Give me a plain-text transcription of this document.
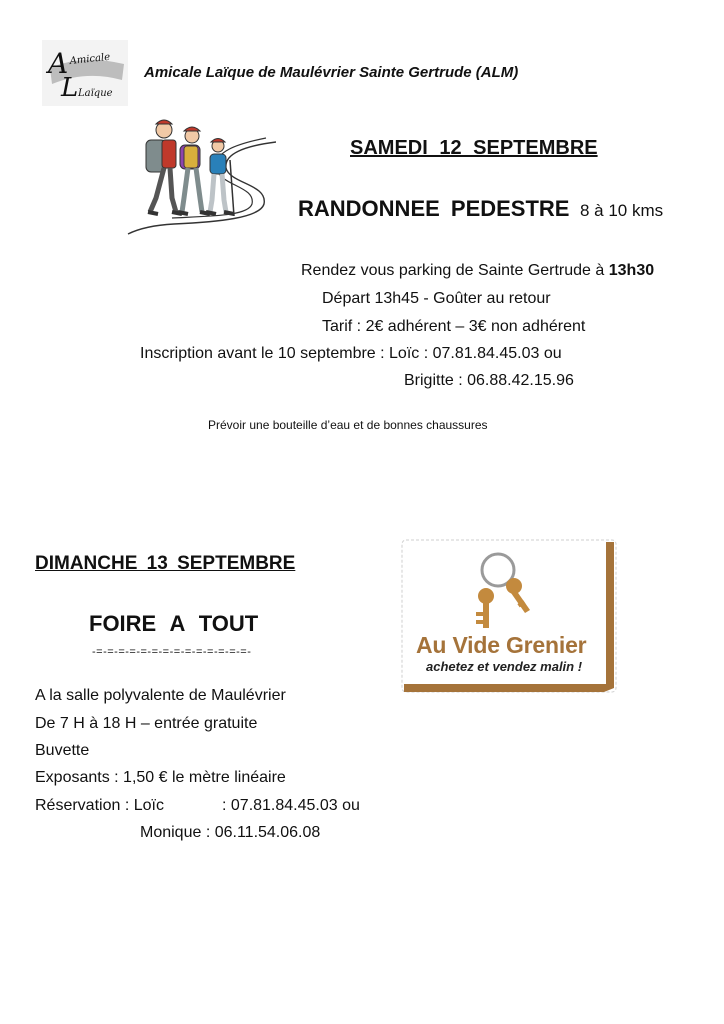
A
L
Amicale
Laïque
Amicale Laïque de Maulévrier Sainte Gertrude (ALM)
SAMEDI 12 SEPTEMBRE
RANDONNEE PEDESTRE 8 à 10 kms
Rendez vous parking de Sainte Gertrude à 13h30
Départ 13h45 - Goûter au retour
Tarif : 2€ adhérent – 3€ non adhérent
Inscription avant le 10 septembre : Loïc : 07.81.84.45.03 ou
Brigitte : 06.88.42.15.96
Prévoir une bouteille d’eau et de bonnes chaussures
DIMANCHE 13 SEPTEMBRE
FOIRE A TOUT
-=-=-=-=-=-=-=-=-=-=-=-=-=-=-
A la salle polyvalente de Maulévrier
De 7 H à 18 H – entrée gratuite
Buvette
Exposants : 1,50 € le mètre linéaire
Réservation : Loïc	: 07.81.84.45.03 ou
Monique : 06.11.54.06.08
Au Vide Grenier
achetez et vendez malin !
